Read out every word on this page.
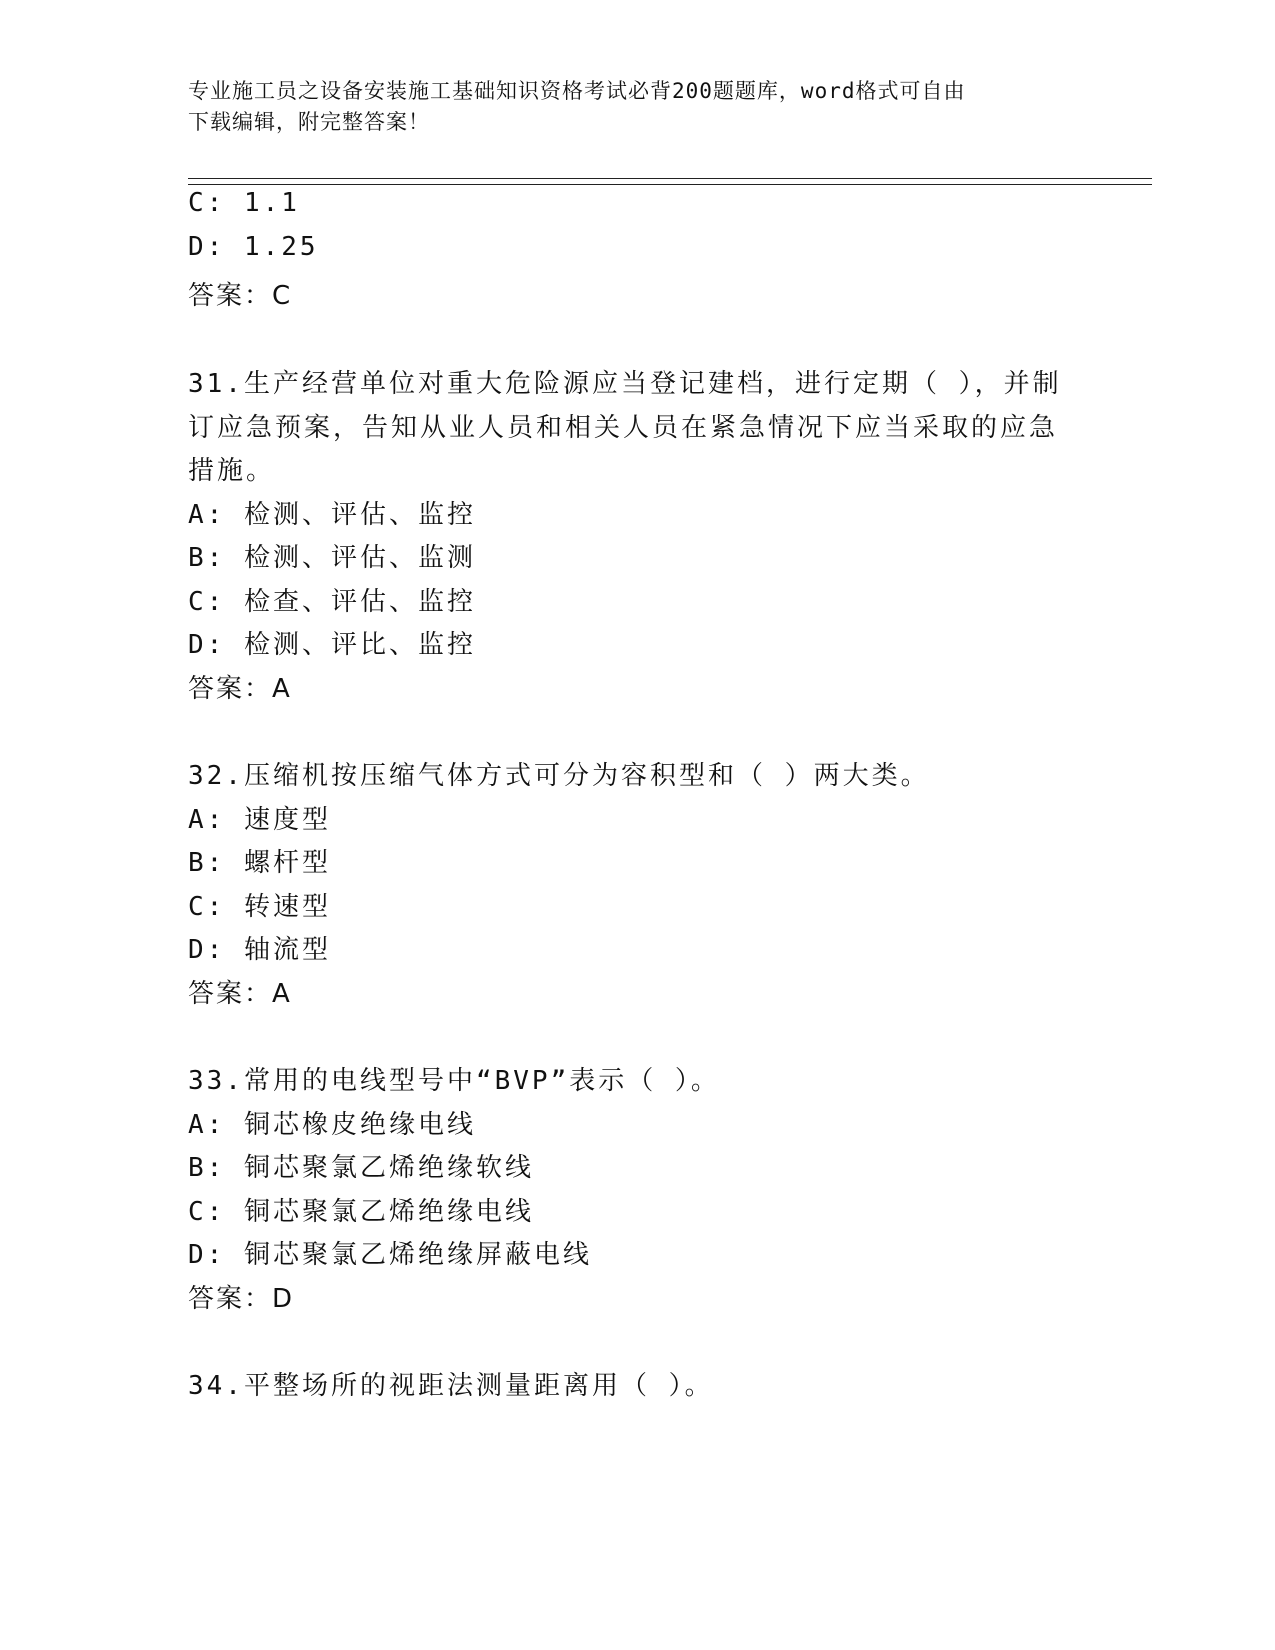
专业施工员之设备安装施工基础知识资格考试必背200题题库，word格式可自由
下载编辑，附完整答案！
C: 1.1
D: 1.25
答案：C
31.生产经营单位对重大危险源应当登记建档，进行定期（ ），并制
订应急预案，告知从业人员和相关人员在紧急情况下应当采取的应急
措施。
A: 检测、评估、监控
B: 检测、评估、监测
C: 检查、评估、监控
D: 检测、评比、监控
答案：A
32.压缩机按压缩气体方式可分为容积型和（ ）两大类。
A: 速度型
B: 螺杆型
C: 转速型
D: 轴流型
答案：A
33.常用的电线型号中“BVP”表示（ ）。
A: 铜芯橡皮绝缘电线
B: 铜芯聚氯乙烯绝缘软线
C: 铜芯聚氯乙烯绝缘电线
D: 铜芯聚氯乙烯绝缘屏蔽电线
答案：D
34.平整场所的视距法测量距离用（ ）。
